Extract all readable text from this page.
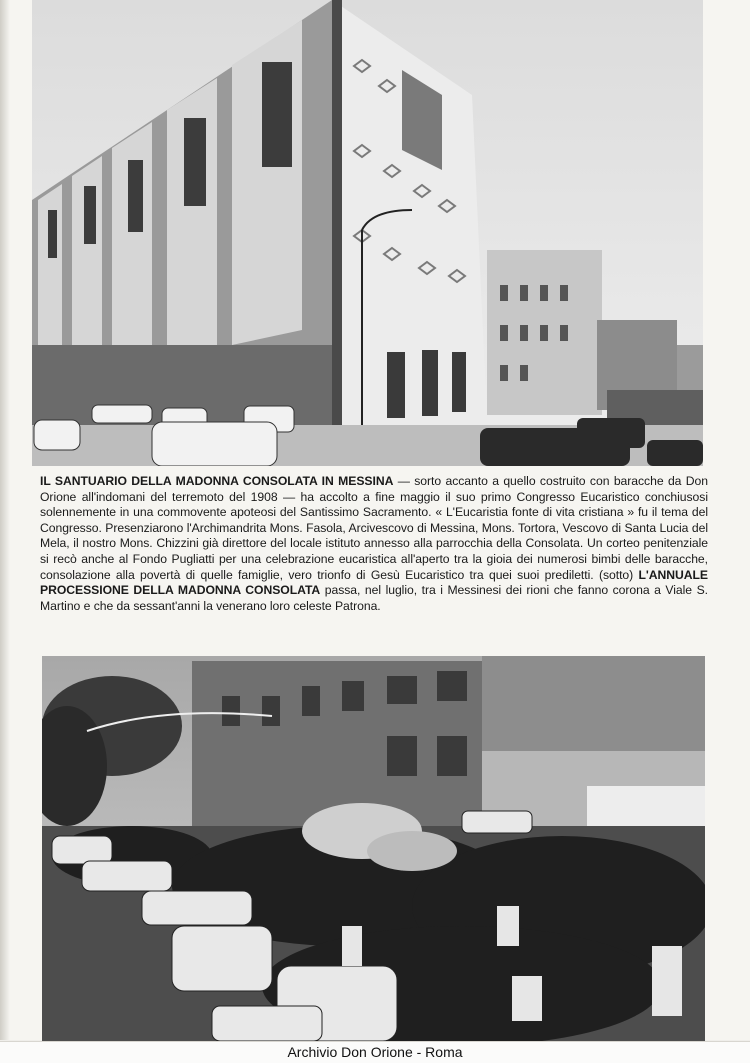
IL SANTUARIO DELLA MADONNA CONSOLATA IN MESSINA — sorto accanto a quello costruito con baracche da Don Orione all'indomani del terremoto del 1908 — ha accolto a fine maggio il suo primo Congresso Eucaristico conchiusosi solennemente in una commovente apoteosi del Santissimo Sacramento. « L'Eucaristia fonte di vita cristiana » fu il tema del Congresso. Presenziarono l'Archimandrita Mons. Fasola, Arcivescovo di Messina, Mons. Tortora, Vescovo di Santa Lucia del Mela, il nostro Mons. Chizzini già direttore del locale istituto annesso alla parrocchia della Consolata. Un corteo penitenziale si recò anche al Fondo Pugliatti per una celebrazione eucaristica all'aperto tra la gioia dei numerosi bimbi delle baracche, consolazione alla povertà di quelle famiglie, vero trionfo di Gesù Eucaristico tra quei suoi prediletti. (sotto) L'ANNUALE PROCESSIONE DELLA MADONNA CONSOLATA passa, nel luglio, tra i Messinesi dei rioni che fanno corona a Viale S. Martino e che da sessant'anni la venerano loro celeste Patrona.
Archivio Don Orione - Roma
